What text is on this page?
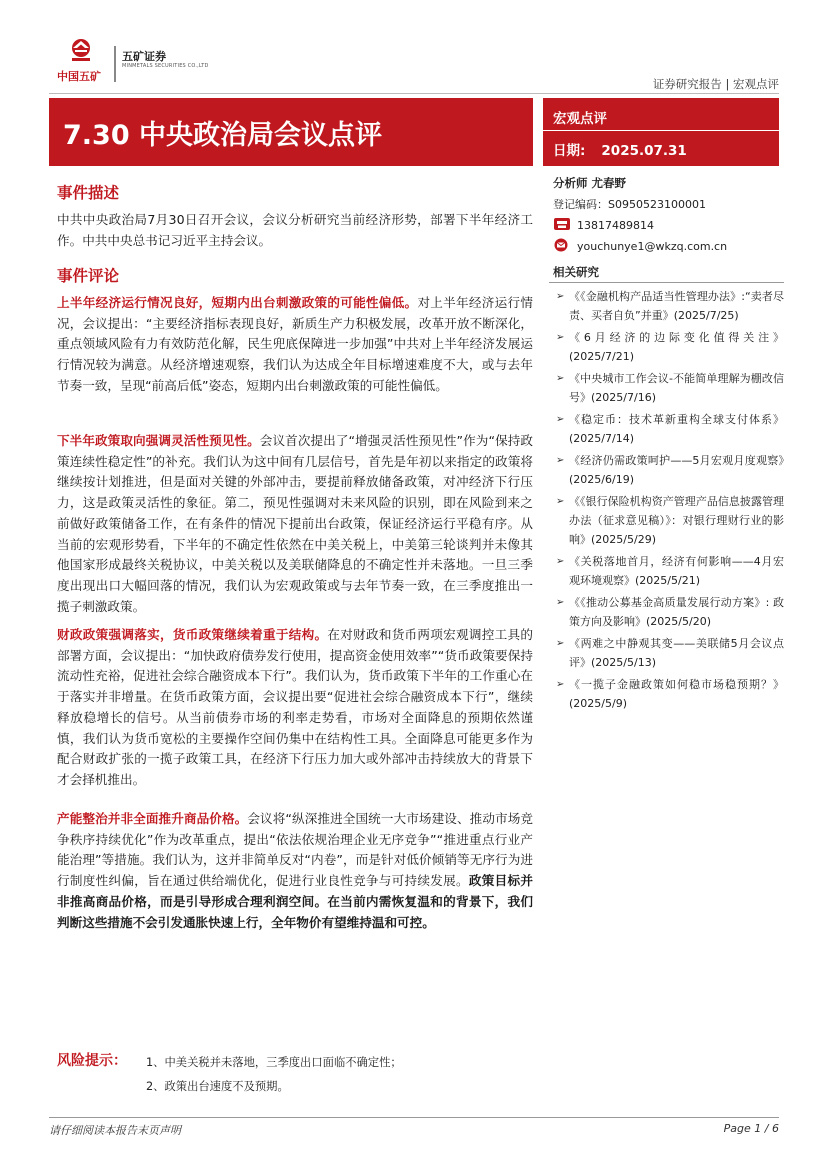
中国五矿
五矿证券
MINMETALS SECURITIES CO.,LTD
证券研究报告 | 宏观点评
7.30 中央政治局会议点评
宏观点评
日期: 2025.07.31
事件描述
中共中央政治局7月30日召开会议，会议分析研究当前经济形势，部署下半年经济工作。中共中央总书记习近平主持会议。
事件评论
上半年经济运行情况良好，短期内出台刺激政策的可能性偏低。对上半年经济运行情况，会议提出：“主要经济指标表现良好，新质生产力积极发展，改革开放不断深化，重点领域风险有力有效防范化解，民生兜底保障进一步加强”中共对上半年经济发展运行情况较为满意。从经济增速观察，我们认为达成全年目标增速难度不大，或与去年节奏一致，呈现“前高后低”姿态，短期内出台刺激政策的可能性偏低。
下半年政策取向强调灵活性预见性。会议首次提出了“增强灵活性预见性”作为“保持政策连续性稳定性”的补充。我们认为这中间有几层信号，首先是年初以来指定的政策将继续按计划推进，但是面对关键的外部冲击，要提前释放储备政策，对冲经济下行压力，这是政策灵活性的象征。第二，预见性强调对未来风险的识别，即在风险到来之前做好政策储备工作，在有条件的情况下提前出台政策，保证经济运行平稳有序。从当前的宏观形势看，下半年的不确定性依然在中美关税上，中美第三轮谈判并未像其他国家形成最终关税协议，中美关税以及美联储降息的不确定性并未落地。一旦三季度出现出口大幅回落的情况，我们认为宏观政策或与去年节奏一致，在三季度推出一揽子刺激政策。
财政政策强调落实，货币政策继续着重于结构。在对财政和货币两项宏观调控工具的部署方面，会议提出：“加快政府债券发行使用，提高资金使用效率”“货币政策要保持流动性充裕，促进社会综合融资成本下行”。我们认为，货币政策下半年的工作重心在于落实并非增量。在货币政策方面，会议提出要“促进社会综合融资成本下行”，继续释放稳增长的信号。从当前债券市场的利率走势看，市场对全面降息的预期依然谨慎，我们认为货币宽松的主要操作空间仍集中在结构性工具。全面降息可能更多作为配合财政扩张的一揽子政策工具，在经济下行压力加大或外部冲击持续放大的背景下才会择机推出。
产能整治并非全面推升商品价格。会议将“纵深推进全国统一大市场建设、推动市场竞争秩序持续优化”作为改革重点，提出“依法依规治理企业无序竞争”“推进重点行业产能治理”等措施。我们认为，这并非简单反对“内卷”，而是针对低价倾销等无序行为进行制度性纠偏，旨在通过供给端优化，促进行业良性竞争与可持续发展。政策目标并非推高商品价格，而是引导形成合理利润空间。在当前内需恢复温和的背景下，我们判断这些措施不会引发通胀快速上行，全年物价有望维持温和可控。
分析师 尤春野
登记编码：S0950523100001
13817489814
youchunye1@wkzq.com.cn
相关研究
➢ 《《金融机构产品适当性管理办法》:“卖者尽责、买者自负”并重》(2025/7/25)
➢ 《6月经济的边际变化值得关注》(2025/7/21)
➢ 《中央城市工作会议-不能简单理解为棚改信号》(2025/7/16)
➢ 《稳定币：技术革新重构全球支付体系》(2025/7/14)
➢ 《经济仍需政策呵护——5月宏观月度观察》(2025/6/19)
➢ 《《银行保险机构资产管理产品信息披露管理办法（征求意见稿）》：对银行理财行业的影响》(2025/5/29)
➢ 《关税落地首月，经济有何影响——4月宏观环境观察》(2025/5/21)
➢ 《《推动公募基金高质量发展行动方案》: 政策方向及影响》(2025/5/20)
➢ 《两难之中静观其变——美联储5月会议点评》(2025/5/13)
➢ 《一揽子金融政策如何稳市场稳预期？》(2025/5/9)
风险提示： 1、中美关税并未落地，三季度出口面临不确定性；
2、政策出台速度不及预期。
请仔细阅读本报告末页声明	Page 1 / 6
